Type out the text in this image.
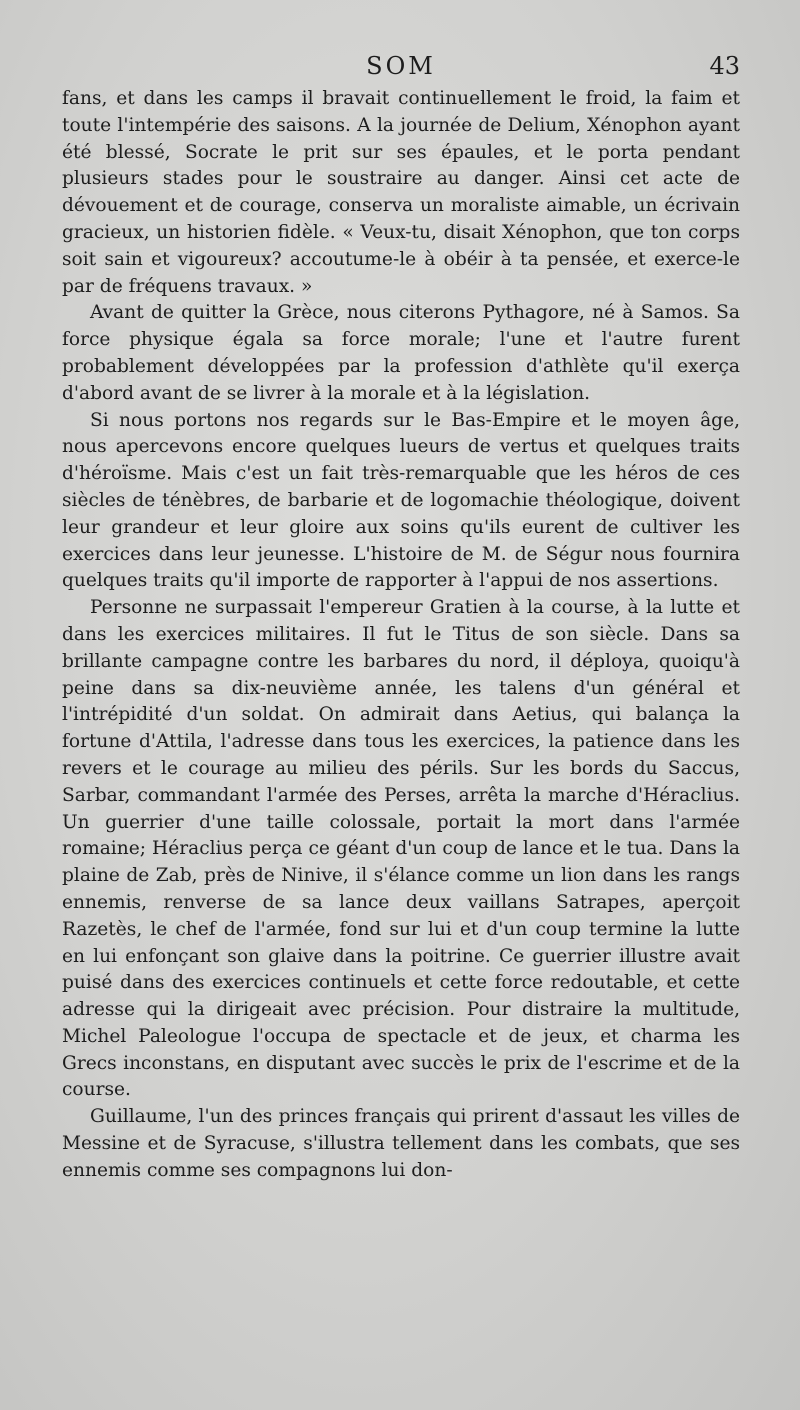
SOM	43

fans, et dans les camps il bravait continuellement le froid, la faim et toute l'intempérie des saisons. A la journée de Delium, Xénophon ayant été blessé, Socrate le prit sur ses épaules, et le porta pendant plusieurs stades pour le soustraire au danger. Ainsi cet acte de dévouement et de courage, conserva un moraliste aimable, un écrivain gracieux, un historien fidèle. « Veux-tu, disait Xénophon, que ton corps soit sain et vigoureux? accoutume-le à obéir à ta pensée, et exerce-le par de fréquens travaux. »

Avant de quitter la Grèce, nous citerons Pythagore, né à Samos. Sa force physique égala sa force morale; l'une et l'autre furent probablement développées par la profession d'athlète qu'il exerça d'abord avant de se livrer à la morale et à la législation.

Si nous portons nos regards sur le Bas-Empire et le moyen âge, nous apercevons encore quelques lueurs de vertus et quelques traits d'héroïsme. Mais c'est un fait très-remarquable que les héros de ces siècles de ténèbres, de barbarie et de logomachie théologique, doivent leur grandeur et leur gloire aux soins qu'ils eurent de cultiver les exercices dans leur jeunesse. L'histoire de M. de Ségur nous fournira quelques traits qu'il importe de rapporter à l'appui de nos assertions.

Personne ne surpassait l'empereur Gratien à la course, à la lutte et dans les exercices militaires. Il fut le Titus de son siècle. Dans sa brillante campagne contre les barbares du nord, il déploya, quoiqu'à peine dans sa dix-neuvième année, les talens d'un général et l'intrépidité d'un soldat. On admirait dans Aetius, qui balança la fortune d'Attila, l'adresse dans tous les exercices, la patience dans les revers et le courage au milieu des périls. Sur les bords du Saccus, Sarbar, commandant l'armée des Perses, arrêta la marche d'Héraclius. Un guerrier d'une taille colossale, portait la mort dans l'armée romaine; Héraclius perça ce géant d'un coup de lance et le tua. Dans la plaine de Zab, près de Ninive, il s'élance comme un lion dans les rangs ennemis, renverse de sa lance deux vaillans Satrapes, aperçoit Razetès, le chef de l'armée, fond sur lui et d'un coup termine la lutte en lui enfonçant son glaive dans la poitrine. Ce guerrier illustre avait puisé dans des exercices continuels et cette force redoutable, et cette adresse qui la dirigeait avec précision. Pour distraire la multitude, Michel Paleologue l'occupa de spectacle et de jeux, et charma les Grecs inconstans, en disputant avec succès le prix de l'escrime et de la course.

Guillaume, l'un des princes français qui prirent d'assaut les villes de Messine et de Syracuse, s'illustra tellement dans les combats, que ses ennemis comme ses compagnons lui don-
